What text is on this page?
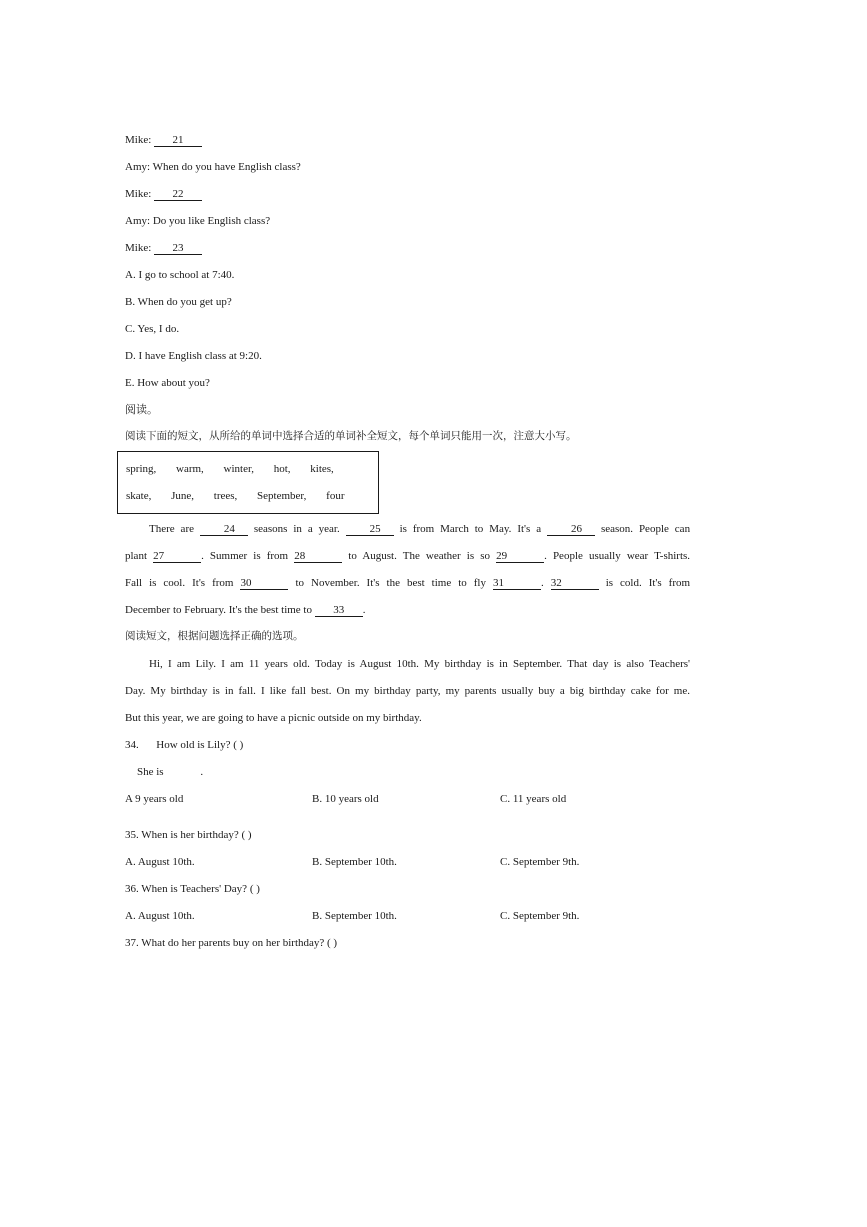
Mike: 21
Amy: When do you have English class?
Mike: 22
Amy: Do you like English class?
Mike: 23
A. I go to school at 7:40.
B. When do you get up?
C. Yes, I do.
D. I have English class at 9:20.
E. How about you?
阅读。
阅读下面的短文，从所给的单词中选择合适的单词补全短文，每个单词只能用一次，注意大小写。
spring, warm, winter, hot, kites,
skate, June, trees, September, four
There are	24 seasons in a year.	25 is from March to May. It's a	26 season. People can
plant 27	. Summer is from 28	to August. The weather is so 29	. People usually wear T-shirts.
Fall is cool. It's from 30	to November. It's the best time to fly 31	. 32	is cold. It's from
December to February. It's the best time to 33 .
阅读短文，根据问题选择正确的选项。
Hi, I am Lily. I am 11 years old. Today is August 10th. My birthday is in September. That day is also Teachers'
Day. My birthday is in fall. I like fall best. On my birthday party, my parents usually buy a big birthday cake for me.
But this year, we are going to have a picnic outside on my birthday.
34. How old is Lily? ( )
She is	.
A 9 years old	B. 10 years old	C. 11 years old
35. When is her birthday? ( )
A. August 10th.	B. September 10th.	C. September 9th.
36. When is Teachers' Day? ( )
A. August 10th.	B. September 10th.	C. September 9th.
37. What do her parents buy on her birthday? ( )
